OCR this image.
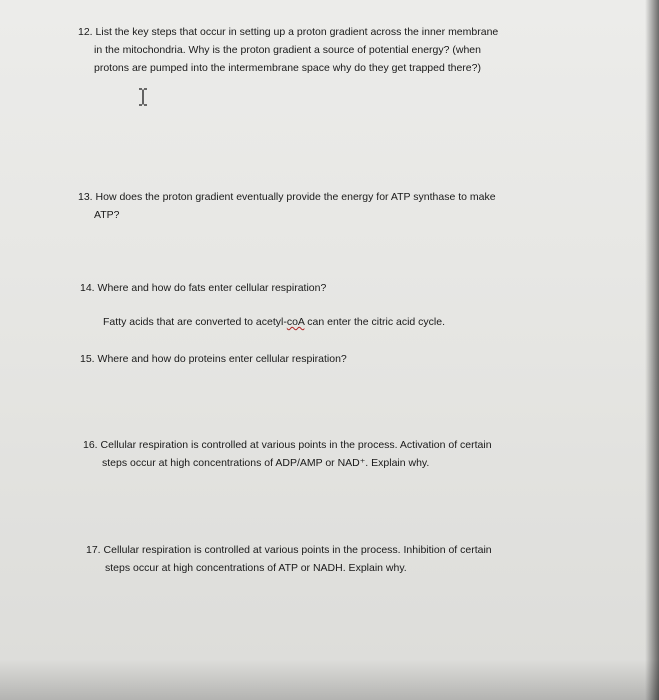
12. List the key steps that occur in setting up a proton gradient across the inner membrane
in the mitochondria. Why is the proton gradient a source of potential energy? (when
protons are pumped into the intermembrane space why do they get trapped there?)
13. How does the proton gradient eventually provide the energy for ATP synthase to make
ATP?
14. Where and how do fats enter cellular respiration?
Fatty acids that are converted to acetyl-coA can enter the citric acid cycle.
15. Where and how do proteins enter cellular respiration?
16. Cellular respiration is controlled at various points in the process. Activation of certain
steps occur at high concentrations of ADP/AMP or NAD⁺. Explain why.
17. Cellular respiration is controlled at various points in the process. Inhibition of certain
steps occur at high concentrations of ATP or NADH. Explain why.
